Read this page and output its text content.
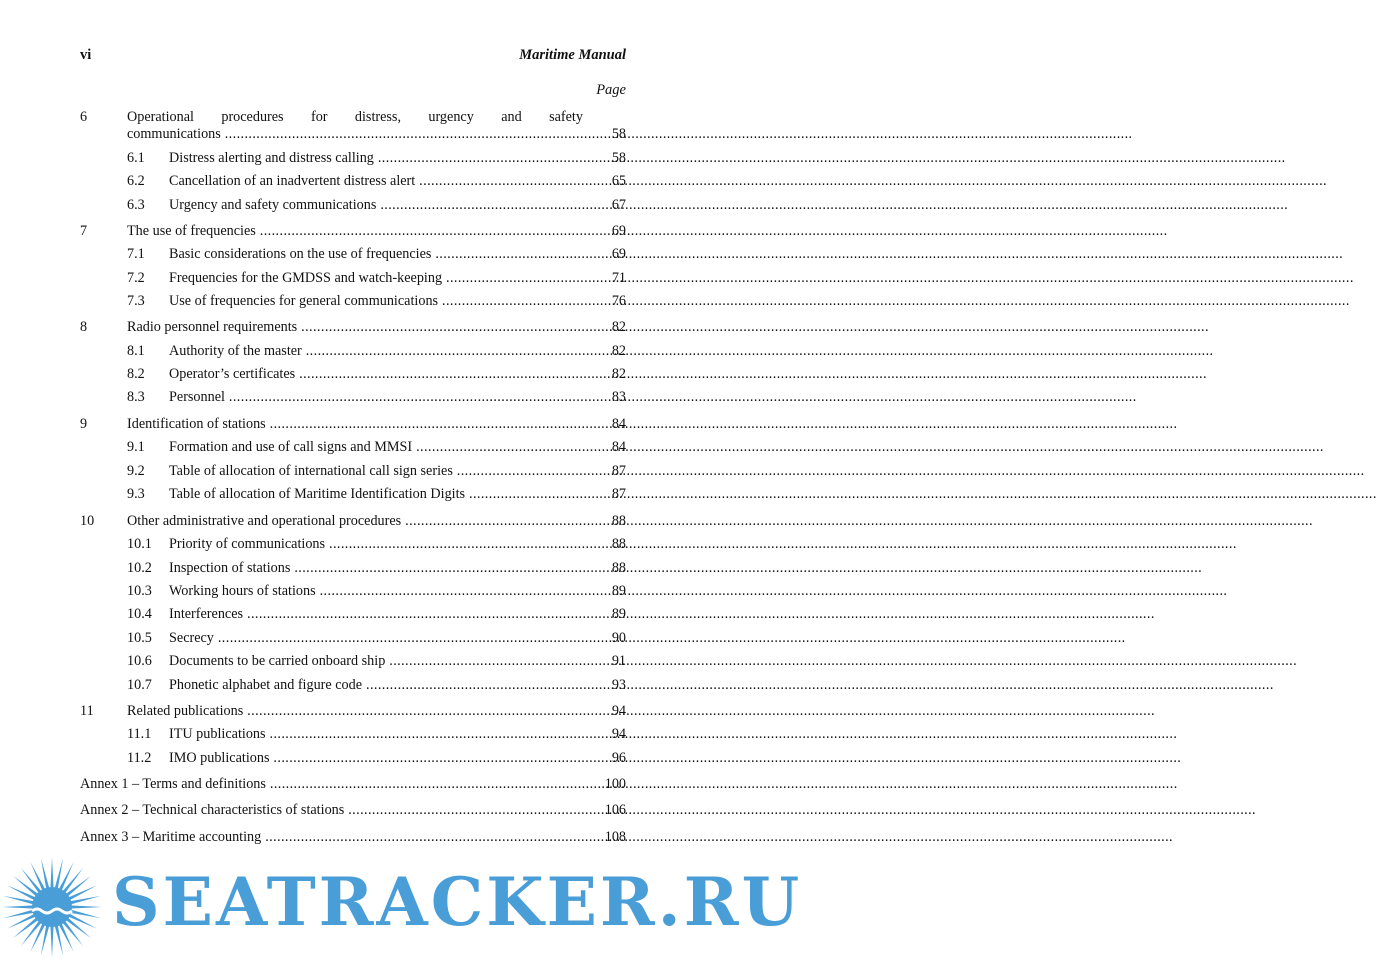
vi	Maritime Manual
Page
6	Operational procedures for distress, urgency and safety
communications .....	58
6.1 Distress alerting and distress calling .....	58
6.2 Cancellation of an inadvertent distress alert .....	65
6.3 Urgency and safety communications .....	67
7	The use of frequencies .....	69
7.1 Basic considerations on the use of frequencies .....	69
7.2 Frequencies for the GMDSS and watch-keeping .....	71
7.3 Use of frequencies for general communications .....	76
8	Radio personnel requirements .....	82
8.1 Authority of the master .....	82
8.2 Operator’s certificates .....	82
8.3 Personnel .....	83
9	Identification of stations .....	84
9.1 Formation and use of call signs and MMSI .....	84
9.2 Table of allocation of international call sign series .....	87
9.3 Table of allocation of Maritime Identification Digits .....	87
10 Other administrative and operational procedures .....	88
10.1 Priority of communications .....	88
10.2 Inspection of stations .....	88
10.3 Working hours of stations .....	89
10.4 Interferences .....	89
10.5 Secrecy .....	90
10.6 Documents to be carried onboard ship .....	91
10.7 Phonetic alphabet and figure code .....	93
11 Related publications .....	94
11.1 ITU publications .....	94
11.2 IMO publications .....	96
Annex 1 – Terms and definitions .....	100
Annex 2 – Technical characteristics of stations .....	106
Annex 3 – Maritime accounting .....	108
SEATRACKER.RU
